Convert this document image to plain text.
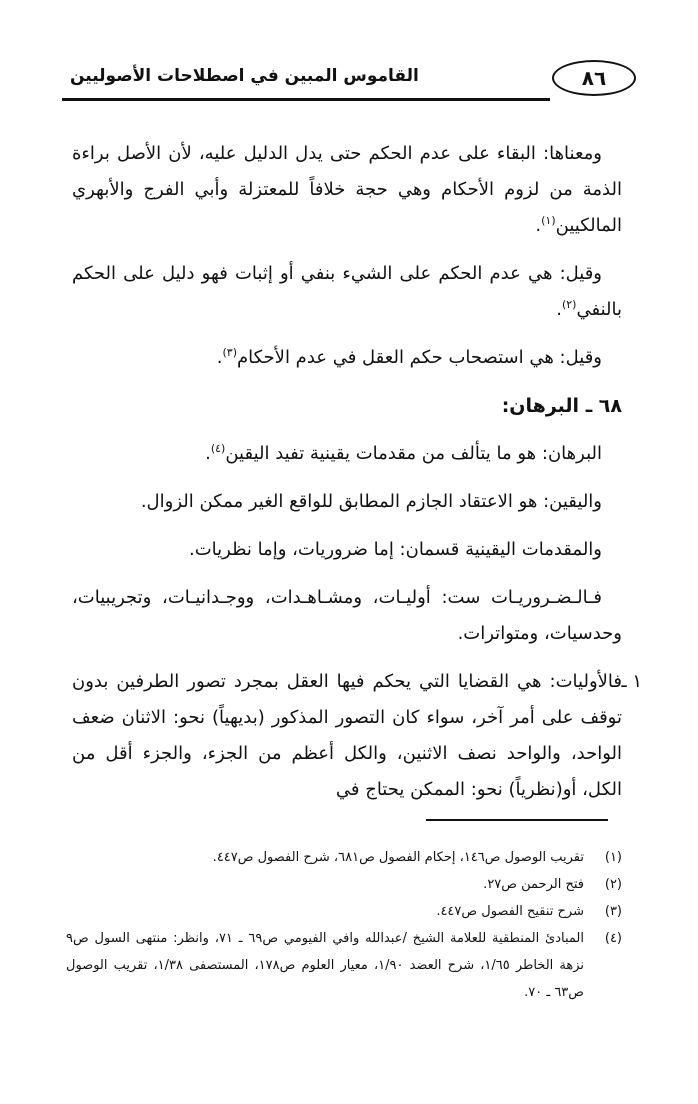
٨٦
القاموس المبين في اصطلاحات الأصوليين

ومعناها: البقاء على عدم الحكم حتى يدل الدليل عليه، لأن الأصل براءة الذمة من لزوم الأحكام وهي حجة خلافاً للمعتزلة وأبي الفرج والأبهري المالكيين$^{(١)}$.

وقيل: هي عدم الحكم على الشيء بنفي أو إثبات فهو دليل على الحكم بالنفي$^{(٢)}$.

وقيل: هي استصحاب حكم العقل في عدم الأحكام$^{(٣)}$.

٦٨ ـ البرهان:

البرهان: هو ما يتألف من مقدمات يقينية تفيد اليقين$^{(٤)}$.

واليقين: هو الاعتقاد الجازم المطابق للواقع الغير ممكن الزوال.

والمقدمات اليقينية قسمان: إما ضروريات، وإما نظريات.

فـالـضـروريـات ست: أوليـات، ومشـاهـدات، ووجـدانيـات، وتجريبيات، وحدسيات، ومتواترات.

١ ـ
فالأوليات: هي القضايا التي يحكم فيها العقل بمجرد تصور الطرفين بدون توقف على أمر آخر، سواء كان التصور المذكور (بديهياً) نحو: الاثنان ضعف الواحد، والواحد نصف الاثنين، والكل أعظم من الجزء، والجزء أقل من الكل، أو(نظرياً) نحو: الممكن يحتاج في

(١)
تقريب الوصول ص١٤٦، إحكام الفصول ص٦٨١، شرح الفصول ص٤٤٧.
(٢)
فتح الرحمن ص٢٧.
(٣)
شرح تنقيح الفصول ص٤٤٧.
(٤)
المبادئ المنطقية للعلامة الشيخ /عبدالله وافي الفيومي ص٦٩ ـ ٧١، وانظر: منتهى السول ص٩ نزهة الخاطر ١/٦٥، شرح العضد ١/٩٠، معيار العلوم ص١٧٨، المستصفى ١/٣٨، تقريب الوصول ص٦٣ ـ ٧٠.
